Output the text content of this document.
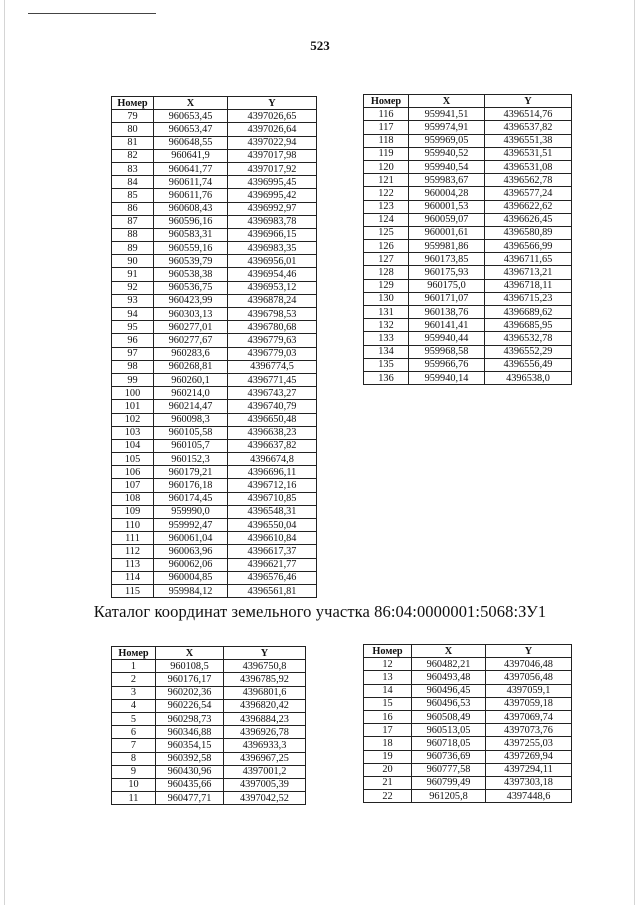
523
Номер	X	Y
79	960653,45	4397026,65
80	960653,47	4397026,64
81	960648,55	4397022,94
82	960641,9	4397017,98
83	960641,77	4397017,92
84	960611,74	4396995,45
85	960611,76	4396995,42
86	960608,43	4396992,97
87	960596,16	4396983,78
88	960583,31	4396966,15
89	960559,16	4396983,35
90	960539,79	4396956,01
91	960538,38	4396954,46
92	960536,75	4396953,12
93	960423,99	4396878,24
94	960303,13	4396798,53
95	960277,01	4396780,68
96	960277,67	4396779,63
97	960283,6	4396779,03
98	960268,81	4396774,5
99	960260,1	4396771,45
100	960214,0	4396743,27
101	960214,47	4396740,79
102	960098,3	4396650,48
103	960105,58	4396638,23
104	960105,7	4396637,82
105	960152,3	4396674,8
106	960179,21	4396696,11
107	960176,18	4396712,16
108	960174,45	4396710,85
109	959990,0	4396548,31
110	959992,47	4396550,04
111	960061,04	4396610,84
112	960063,96	4396617,37
113	960062,06	4396621,77
114	960004,85	4396576,46
115	959984,12	4396561,81
Номер	X	Y
116	959941,51	4396514,76
117	959974,91	4396537,82
118	959969,05	4396551,38
119	959940,52	4396531,51
120	959940,54	4396531,08
121	959983,67	4396562,78
122	960004,28	4396577,24
123	960001,53	4396622,62
124	960059,07	4396626,45
125	960001,61	4396580,89
126	959981,86	4396566,99
127	960173,85	4396711,65
128	960175,93	4396713,21
129	960175,0	4396718,11
130	960171,07	4396715,23
131	960138,76	4396689,62
132	960141,41	4396685,95
133	959940,44	4396532,78
134	959968,58	4396552,29
135	959966,76	4396556,49
136	959940,14	4396538,0
Каталог координат земельного участка 86:04:0000001:5068:ЗУ1
Номер	X	Y
1	960108,5	4396750,8
2	960176,17	4396785,92
3	960202,36	4396801,6
4	960226,54	4396820,42
5	960298,73	4396884,23
6	960346,88	4396926,78
7	960354,15	4396933,3
8	960392,58	4396967,25
9	960430,96	4397001,2
10	960435,66	4397005,39
11	960477,71	4397042,52
Номер	X	Y
12	960482,21	4397046,48
13	960493,48	4397056,48
14	960496,45	4397059,1
15	960496,53	4397059,18
16	960508,49	4397069,74
17	960513,05	4397073,76
18	960718,05	4397255,03
19	960736,69	4397269,94
20	960777,58	4397294,11
21	960799,49	4397303,18
22	961205,8	4397448,6
